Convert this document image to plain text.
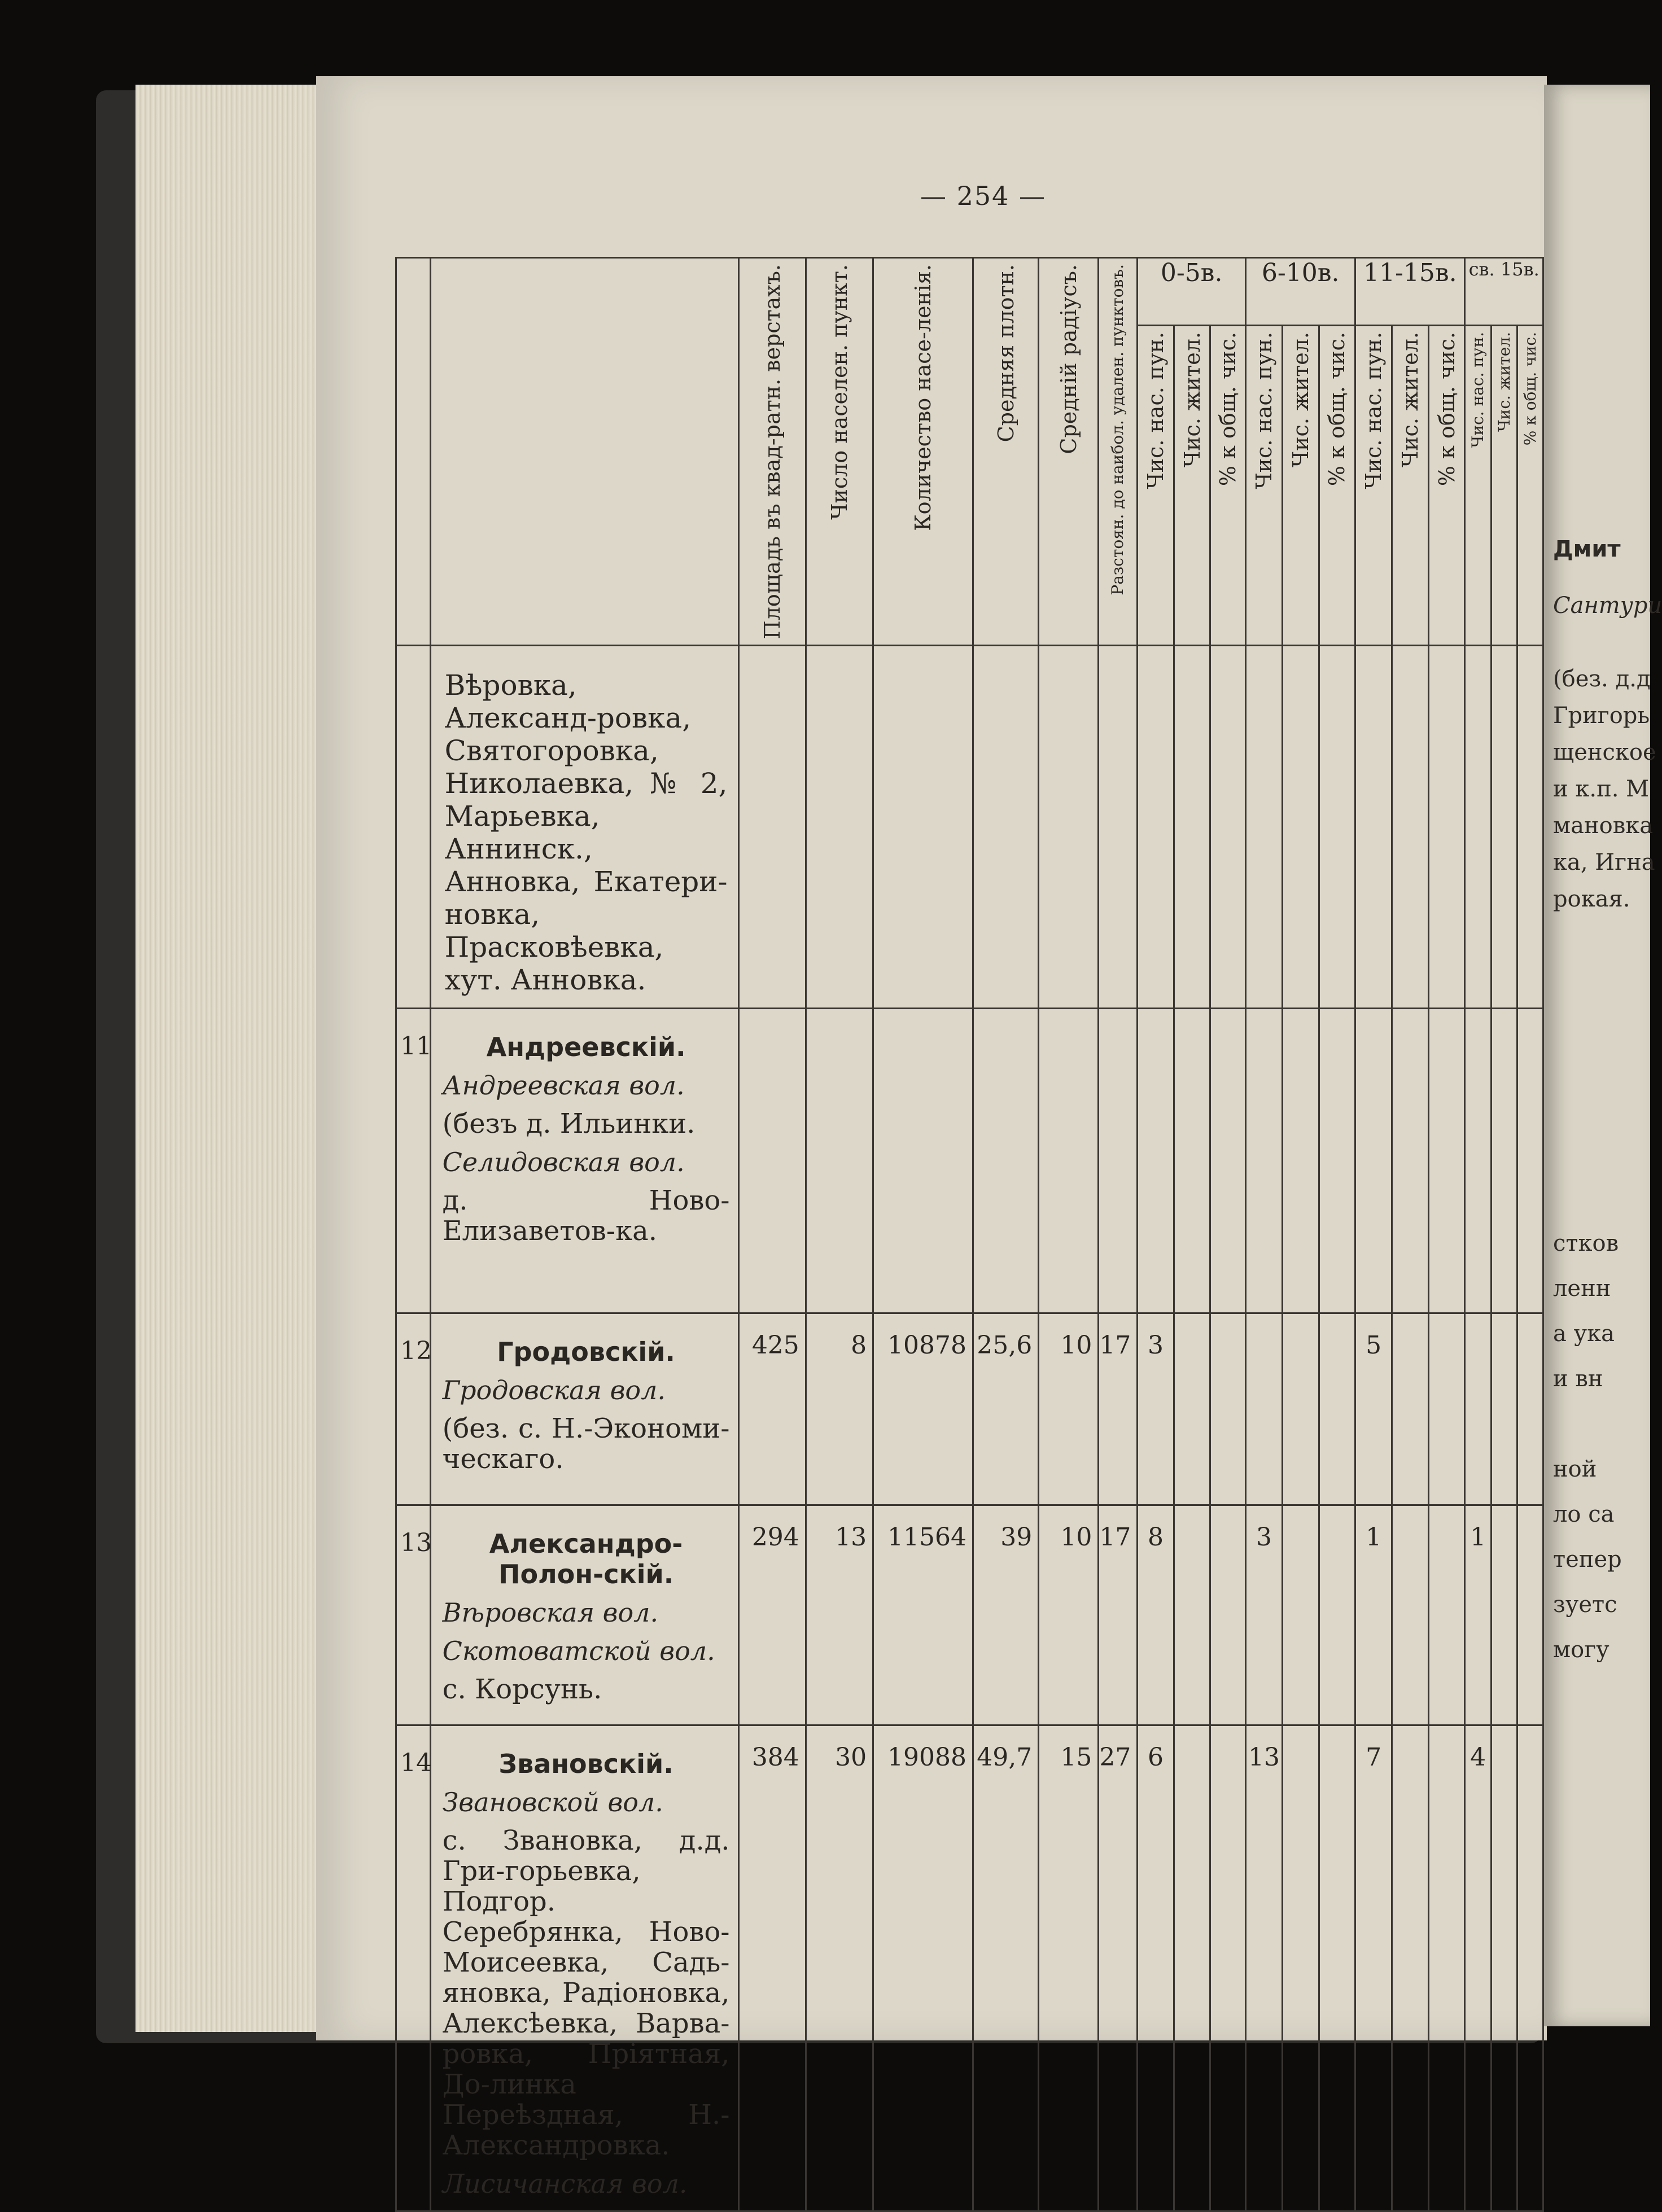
Дмит
Сантури
(без. д.д
Григорь
щенское
и к.п. М
мановка
ка, Игна
рокая.
стков
ленн
а ука
и вн
ной
ло са
тепер
зуетс
могу
— 254 —

		Площадь въ квад-ратн. верстахъ.	Число населен. пункт.	Количество насе-ленія.	Средняя плотн.	Средній радіусъ.	Разстоян. до наибол. удален. пунктовъ.	0-5в.			6-10в.			11-15в.			св. 15в.		

								Чис. нас. пун.	Чис. жител.	% к общ. чис.	Чис. нас. пун.	Чис. жител.	% к общ. чис.	Чис. нас. пун.	Чис. жител.	% к общ. чис.	Чис. нас. пун.	Чис. жител.	% к общ. чис.

	Вѣровка, Александ-ровка, Святогоровка, Николаевка, № 2, Марьевка, Аннинск., Анновка, Екатери-новка, Прасковѣевка, хут. Анновка.																		
11	Андреевскій.
Андреевская вол.
(безъ д. Ильинки.
Селидовская вол.
д. Ново-Елизаветов-ка.																		

12	Гродовскій.
Гродовская вол.
(без. с. Н.-Экономи-ческаго.	425	8	10878	25,6	10	17	3						5					
13	Александро-Полон-скій.
Вѣровская вол.
Скотоватской вол.
с. Корсунь.	294	13	11564	39	10	17	8			3			1			1		
14	Звановскій.
Звановской вол.
с. Звановка, д.д. Гри-горьевка, Подгор. Серебрянка, Ново-Моисеевка, Садь-яновка, Радіоновка, Алексѣевка, Варва-ровка, Пріятная, До-линка Переѣздная, Н.-Александровка.
Лисичанская вол.	384	30	19088	49,7	15	27	6			13			7			4		
